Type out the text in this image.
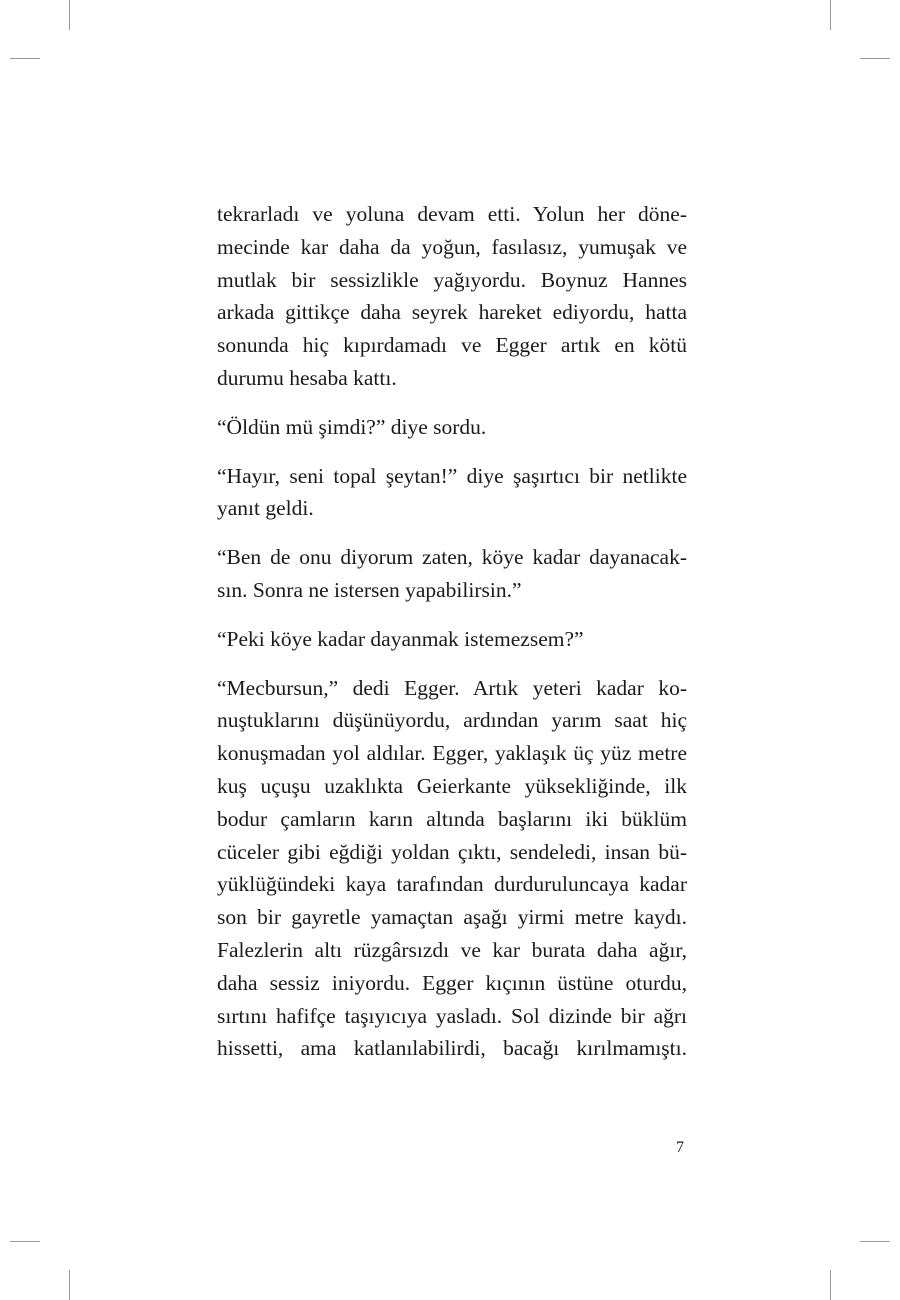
tekrarladı ve yoluna devam etti. Yolun her döne-
mecinde kar daha da yoğun, fasılasız, yumuşak ve
mutlak bir sessizlikle yağıyordu. Boynuz Hannes
arkada gittikçe daha seyrek hareket ediyordu, hatta
sonunda hiç kıpırdamadı ve Egger artık en kötü
durumu hesaba kattı.

“Öldün mü şimdi?” diye sordu.

“Hayır, seni topal şeytan!” diye şaşırtıcı bir netlikte
yanıt geldi.

“Ben de onu diyorum zaten, köye kadar dayanacak-
sın. Sonra ne istersen yapabilirsin.”

“Peki köye kadar dayanmak istemezsem?”

“Mecbursun,” dedi Egger. Artık yeteri kadar ko-
nuştuklarını düşünüyordu, ardından yarım saat hiç
konuşmadan yol aldılar. Egger, yaklaşık üç yüz metre
kuş uçuşu uzaklıkta Geierkante yüksekliğinde, ilk
bodur çamların karın altında başlarını iki büklüm
cüceler gibi eğdiği yoldan çıktı, sendeledi, insan bü-
yüklüğündeki kaya tarafından durduruluncaya kadar
son bir gayretle yamaçtan aşağı yirmi metre kaydı.
Falezlerin altı rüzgârsızdı ve kar burata daha ağır,
daha sessiz iniyordu. Egger kıçının üstüne oturdu,
sırtını hafifçe taşıyıcıya yasladı. Sol dizinde bir ağrı
hissetti, ama katlanılabilirdi, bacağı kırılmamıştı.

7
